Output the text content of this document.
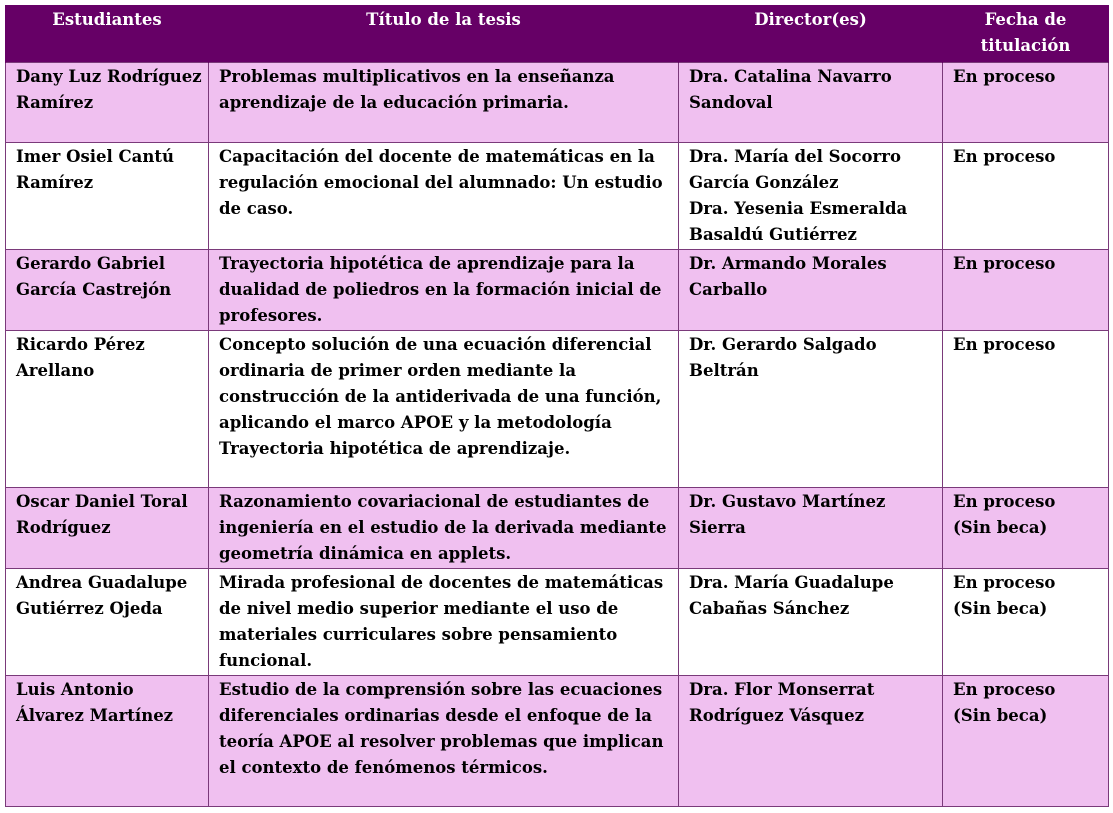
Estudiantes	Título de la tesis	Director(es)	Fecha de
titulación

Dany Luz Rodríguez Ramírez	Problemas multiplicativos en la enseñanza aprendizaje de la educación primaria.	Dra. Catalina Navarro Sandoval	En proceso

Imer Osiel Cantú Ramírez	Capacitación del docente de matemáticas en la regulación emocional del alumnado: Un estudio de caso.	Dra. María del Socorro García González
Dra. Yesenia Esmeralda Basaldú Gutiérrez	En proceso

Gerardo Gabriel García Castrejón	Trayectoria hipotética de aprendizaje para la dualidad de poliedros en la formación inicial de profesores.	Dr. Armando Morales Carballo	En proceso

Ricardo Pérez Arellano	Concepto solución de una ecuación diferencial ordinaria de primer orden mediante la construcción de la antiderivada de una función, aplicando el marco APOE y la metodología Trayectoria hipotética de aprendizaje.	Dr. Gerardo Salgado Beltrán	En proceso

Oscar Daniel Toral Rodríguez	Razonamiento covariacional de estudiantes de ingeniería en el estudio de la derivada mediante geometría dinámica en applets.	Dr. Gustavo Martínez Sierra	En proceso
(Sin beca)

Andrea Guadalupe Gutiérrez Ojeda	Mirada profesional de docentes de matemáticas de nivel medio superior mediante el uso de materiales curriculares sobre pensamiento funcional.	Dra. María Guadalupe Cabañas Sánchez	En proceso
(Sin beca)

Luis Antonio Álvarez Martínez	Estudio de la comprensión sobre las ecuaciones diferenciales ordinarias desde el enfoque de la teoría APOE al resolver problemas que implican el contexto de fenómenos térmicos.	Dra. Flor Monserrat Rodríguez Vásquez	En proceso
(Sin beca)
